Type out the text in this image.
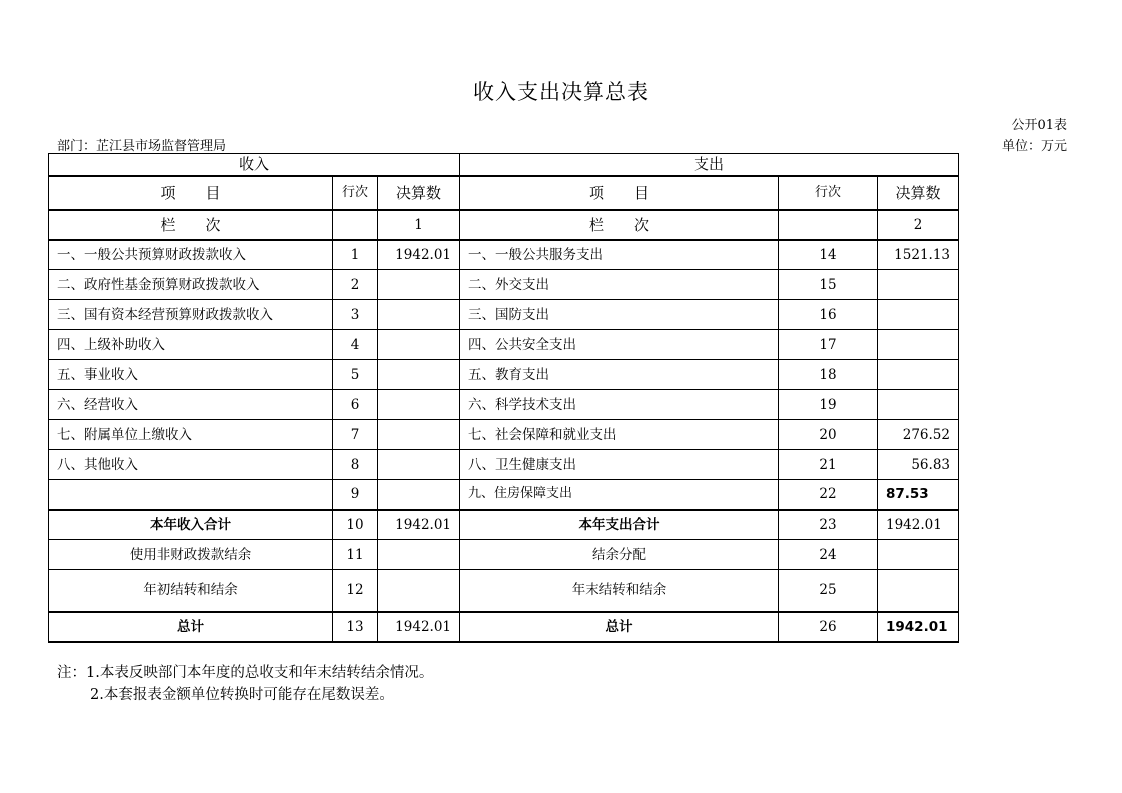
收入支出决算总表
公开01表
部门：芷江县市场监督管理局	单位：万元
收入			支出		
项　　目	行次	决算数	项　　目	行次	决算数
栏　　次		1	栏　　次		2
一、一般公共预算财政拨款收入	1	1942.01	一、一般公共服务支出	14	1521.13
二、政府性基金预算财政拨款收入	2		二、外交支出	15	
三、国有资本经营预算财政拨款收入	3		三、国防支出	16	
四、上级补助收入	4		四、公共安全支出	17	
五、事业收入	5		五、教育支出	18	
六、经营收入	6		六、科学技术支出	19	
七、附属单位上缴收入	7		七、社会保障和就业支出	20	276.52
八、其他收入	8		八、卫生健康支出	21	56.83
	9		九、住房保障支出	22	87.53
本年收入合计	10	1942.01	本年支出合计	23	1942.01
使用非财政拨款结余	11		结余分配	24	
年初结转和结余	12		年末结转和结余	25	
总计	13	1942.01	总计	26	1942.01
注：1.本表反映部门本年度的总收支和年末结转结余情况。
2.本套报表金额单位转换时可能存在尾数误差。
